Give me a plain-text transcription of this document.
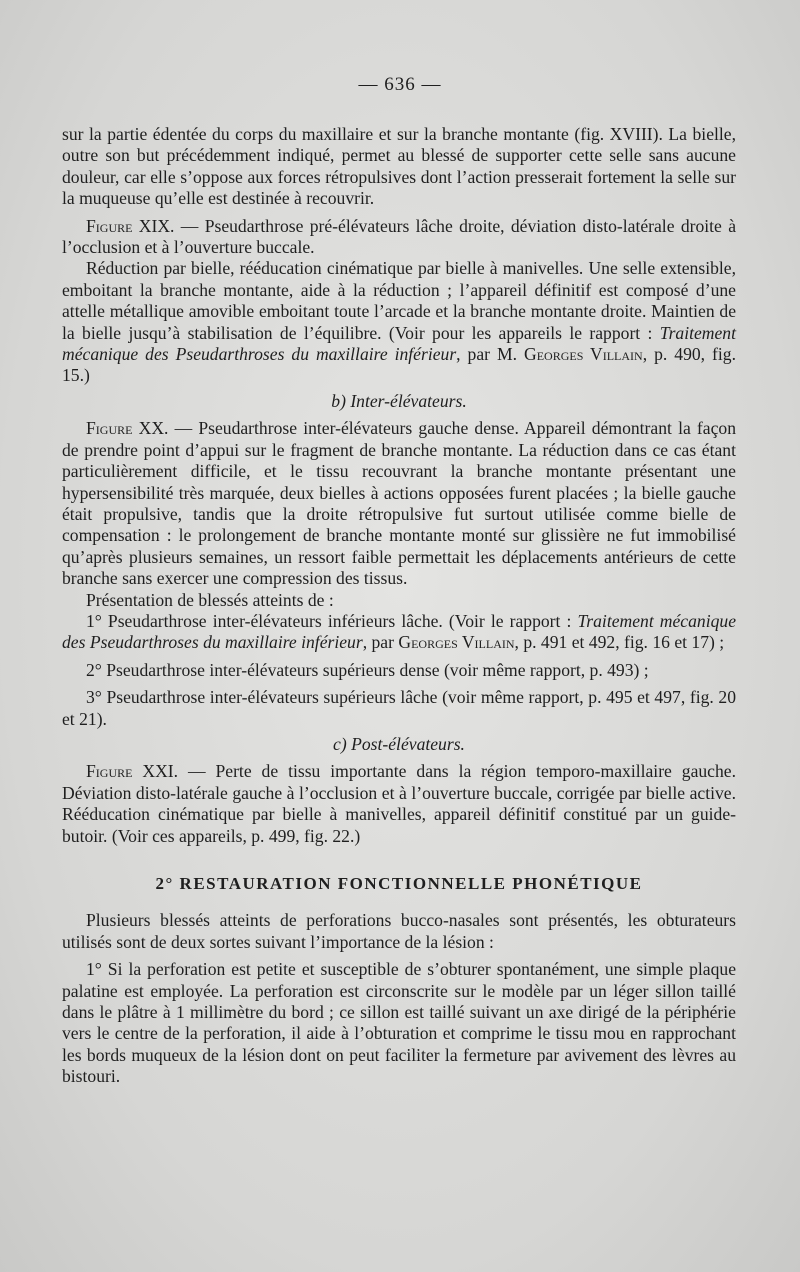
— 636 —

sur la partie édentée du corps du maxillaire et sur la branche montante (fig. XVIII). La bielle, outre son but précédemment indiqué, permet au blessé de supporter cette selle sans aucune douleur, car elle s’oppose aux forces rétropulsives dont l’action presserait fortement la selle sur la muqueuse qu’elle est destinée à recouvrir.

Figure XIX. — Pseudarthrose pré-élévateurs lâche droite, déviation disto-latérale droite à l’occlusion et à l’ouverture buccale.

Réduction par bielle, rééducation cinématique par bielle à manivelles. Une selle extensible, emboitant la branche montante, aide à la réduction ; l’appareil définitif est composé d’une attelle métallique amovible emboitant toute l’arcade et la branche montante droite. Maintien de la bielle jusqu’à stabilisation de l’équilibre. (Voir pour les appareils le rapport : Traitement mécanique des Pseudarthroses du maxillaire inférieur, par M. Georges Villain, p. 490, fig. 15.)

b) Inter-élévateurs.

Figure XX. — Pseudarthrose inter-élévateurs gauche dense. Appareil démontrant la façon de prendre point d’appui sur le fragment de branche montante. La réduction dans ce cas étant particulièrement difficile, et le tissu recouvrant la branche montante présentant une hypersensibilité très marquée, deux bielles à actions opposées furent placées ; la bielle gauche était propulsive, tandis que la droite rétropulsive fut surtout utilisée comme bielle de compensation : le prolongement de branche montante monté sur glissière ne fut immobilisé qu’après plusieurs semaines, un ressort faible permettait les déplacements antérieurs de cette branche sans exercer une compression des tissus.

Présentation de blessés atteints de :

1° Pseudarthrose inter-élévateurs inférieurs lâche. (Voir le rapport : Traitement mécanique des Pseudarthroses du maxillaire inférieur, par Georges Villain, p. 491 et 492, fig. 16 et 17) ;

2° Pseudarthrose inter-élévateurs supérieurs dense (voir même rapport, p. 493) ;

3° Pseudarthrose inter-élévateurs supérieurs lâche (voir même rapport, p. 495 et 497, fig. 20 et 21).

c) Post-élévateurs.

Figure XXI. — Perte de tissu importante dans la région temporo-maxillaire gauche. Déviation disto-latérale gauche à l’occlusion et à l’ouverture buccale, corrigée par bielle active. Rééducation cinématique par bielle à manivelles, appareil définitif constitué par un guide-butoir. (Voir ces appareils, p. 499, fig. 22.)

2° RESTAURATION FONCTIONNELLE PHONÉTIQUE

Plusieurs blessés atteints de perforations bucco-nasales sont présentés, les obturateurs utilisés sont de deux sortes suivant l’importance de la lésion :

1° Si la perforation est petite et susceptible de s’obturer spontanément, une simple plaque palatine est employée. La perforation est circonscrite sur le modèle par un léger sillon taillé dans le plâtre à 1 millimètre du bord ; ce sillon est taillé suivant un axe dirigé de la périphérie vers le centre de la perforation, il aide à l’obturation et comprime le tissu mou en rapprochant les bords muqueux de la lésion dont on peut faciliter la fermeture par avivement des lèvres au bistouri.
